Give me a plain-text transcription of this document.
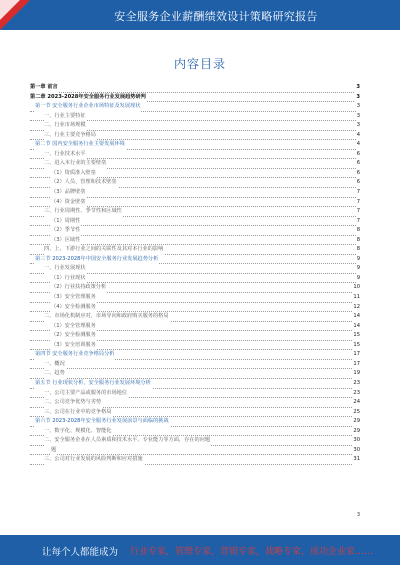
安全服务企业薪酬绩效设计策略研究报告
内容目录
第一章 前言	3
第二章 2023-2028年安全服务行业发展趋势研判	3
第一节 安全服务行业企业市场特征及发展现状	3
一、行业主要特征	3
二、行业市场规模	3
三、行业主要竞争格局	4
第二节 国内安全服务行业主要发展环境	4
一、行业技术水平	6
二、进入本行业的主要壁垒	6
（1）资质准入壁垒	6
（2）人员、管理和技术壁垒	6
（3）品牌壁垒	7
（4）资金壁垒	7
三、行业周期性、季节性和区域性	7
（1）周期性	7
（2）季节性	8
（3）区域性	8
四、上、下游行业之间的关联性及其对本行业的影响	8
第三节 2023-2028年中国安全服务行业发展趋势分析	9
一、行业发展现状	9
（1）行业现状	9
（2）行业扶持政策分析	10
（3）安全管理服务	11
（4）安全检测服务	12
二、市场化机制应对，市场导向和政府购买服务的格局	14
（1）安全管理服务	14
（2）安全检测服务	15
（3）安全培训服务	15
第四节 安全服务行业竞争格局分析	17
一、概况	17
二、趋势	19
第五节 行业现状分析，安全服务行业发展环境分析	23
一、公司主要产品或服务的市场地位	23
二、公司竞争优势与劣势	24
三、公司在行业中的竞争格局	25
第六节 2023-2028年安全服务行业发展前景与面临的挑战	29
一、数字化、规模化、智能化	29
二、安全服务企业在人员素质和技术水平、专业能力等方面，存在的问题	30
题	30
三、公司对行业发展的风险判断和应对措施	31
3
让每个人都能成为 行业专家，管理专家，营销专家，战略专家，成功企业家……
